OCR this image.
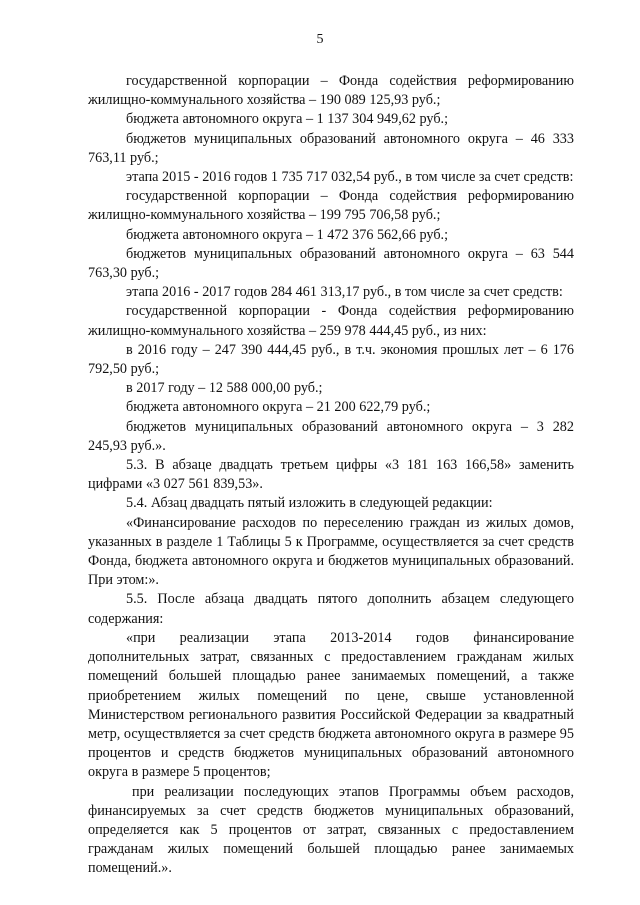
5

государственной корпорации – Фонда содействия реформированию жилищно-коммунального хозяйства – 190 089 125,93 руб.;

бюджета автономного округа – 1 137 304 949,62 руб.;

бюджетов муниципальных образований автономного округа – 46 333 763,11 руб.;

этапа 2015 - 2016 годов 1 735 717 032,54 руб., в том числе за счет средств:

государственной корпорации – Фонда содействия реформированию жилищно-коммунального хозяйства – 199 795 706,58 руб.;

бюджета автономного округа – 1 472 376 562,66 руб.;

бюджетов муниципальных образований автономного округа – 63 544 763,30 руб.;

этапа 2016 - 2017 годов 284 461 313,17 руб., в том числе за счет средств:

государственной корпорации - Фонда содействия реформированию жилищно-коммунального хозяйства – 259 978 444,45 руб., из них:

в 2016 году – 247 390 444,45 руб., в т.ч. экономия прошлых лет – 6 176 792,50 руб.;

в 2017 году – 12 588 000,00 руб.;

бюджета автономного округа – 21 200 622,79 руб.;

бюджетов муниципальных образований автономного округа – 3 282 245,93 руб.».

5.3. В абзаце двадцать третьем цифры «3 181 163 166,58» заменить цифрами «3 027 561 839,53».

5.4. Абзац двадцать пятый изложить в следующей редакции:

«Финансирование расходов по переселению граждан из жилых домов, указанных в разделе 1 Таблицы 5 к Программе, осуществляется за счет средств Фонда, бюджета автономного округа и бюджетов муниципальных образований. При этом:».

5.5. После абзаца двадцать пятого дополнить абзацем следующего содержания:

«при реализации этапа 2013-2014 годов финансирование дополнительных затрат, связанных с предоставлением гражданам жилых помещений большей площадью ранее занимаемых помещений, а также приобретением жилых помещений по цене, свыше установленной Министерством регионального развития Российской Федерации за квадратный метр, осуществляется за счет средств бюджета автономного округа в размере 95 процентов и средств бюджетов муниципальных образований автономного округа в размере 5 процентов;

при реализации последующих этапов Программы объем расходов, финансируемых за счет средств бюджетов муниципальных образований, определяется как 5 процентов от затрат, связанных с предоставлением гражданам жилых помещений большей площадью ранее занимаемых помещений.».
